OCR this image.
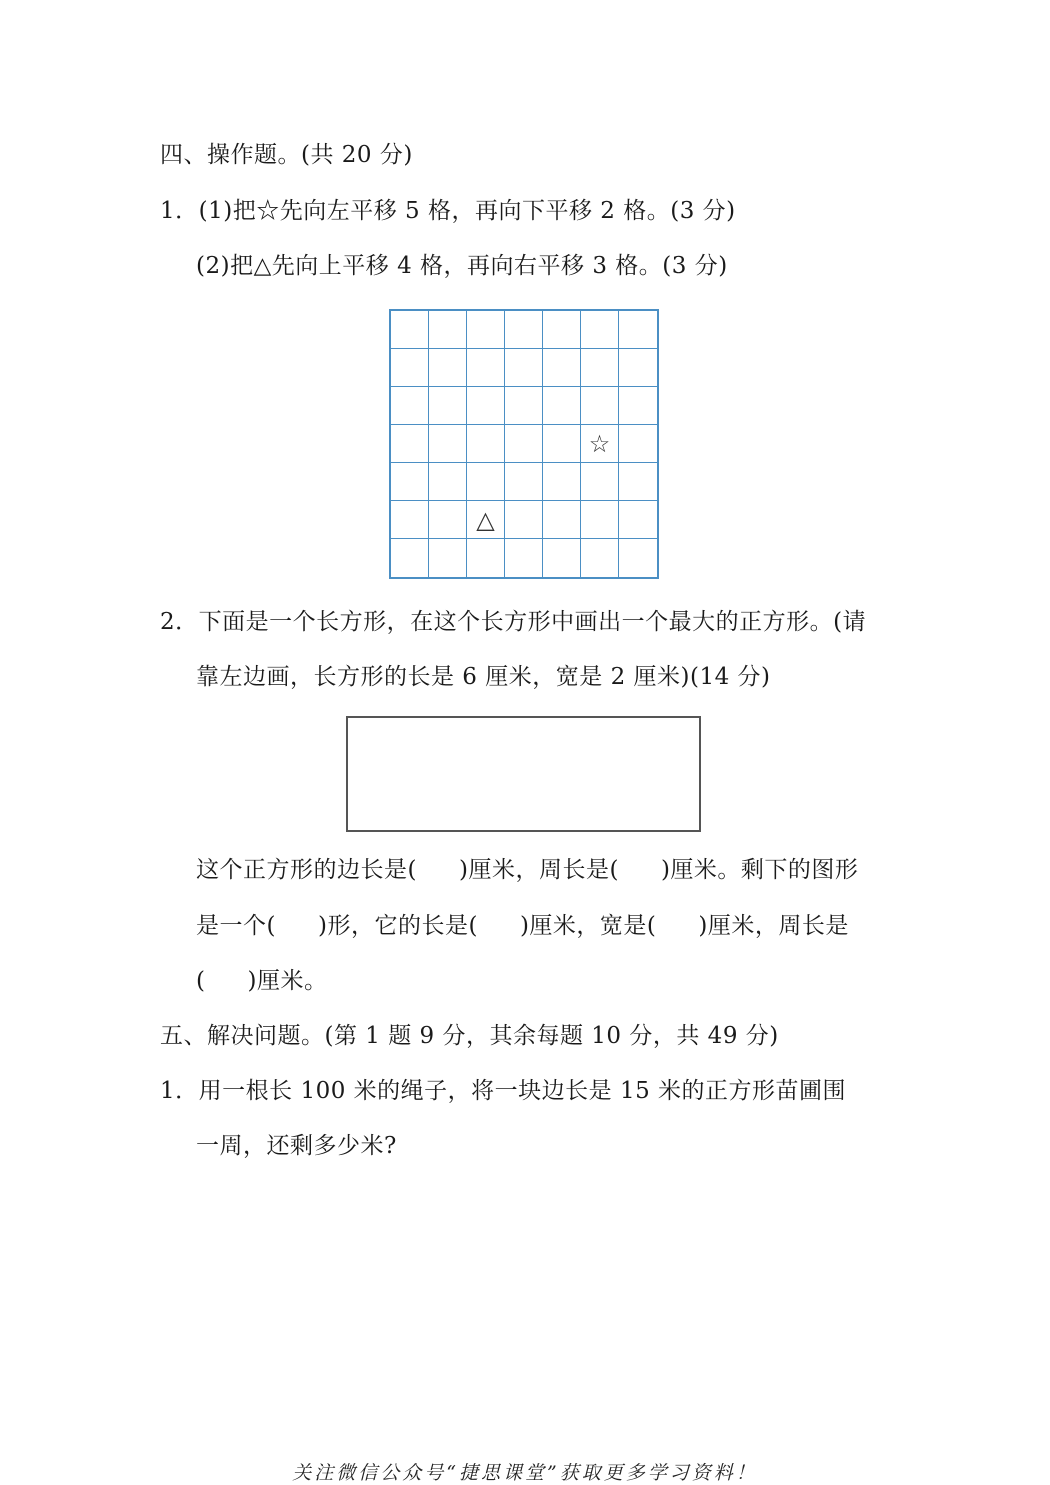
四、操作题。(共 20 分)
1．(1)把☆先向左平移 5 格，再向下平移 2 格。(3 分)
(2)把△先向上平移 4 格，再向右平移 3 格。(3 分)
☆
△
2．下面是一个长方形，在这个长方形中画出一个最大的正方形。(请
靠左边画，长方形的长是 6 厘米，宽是 2 厘米)(14 分)
这个正方形的边长是( )厘米，周长是( )厘米。剩下的图形
是一个( )形，它的长是( )厘米，宽是( )厘米，周长是
( )厘米。
五、解决问题。(第 1 题 9 分，其余每题 10 分，共 49 分)
1．用一根长 100 米的绳子，将一块边长是 15 米的正方形苗圃围
一周，还剩多少米?
关注微信公众号“捷思课堂”获取更多学习资料！
